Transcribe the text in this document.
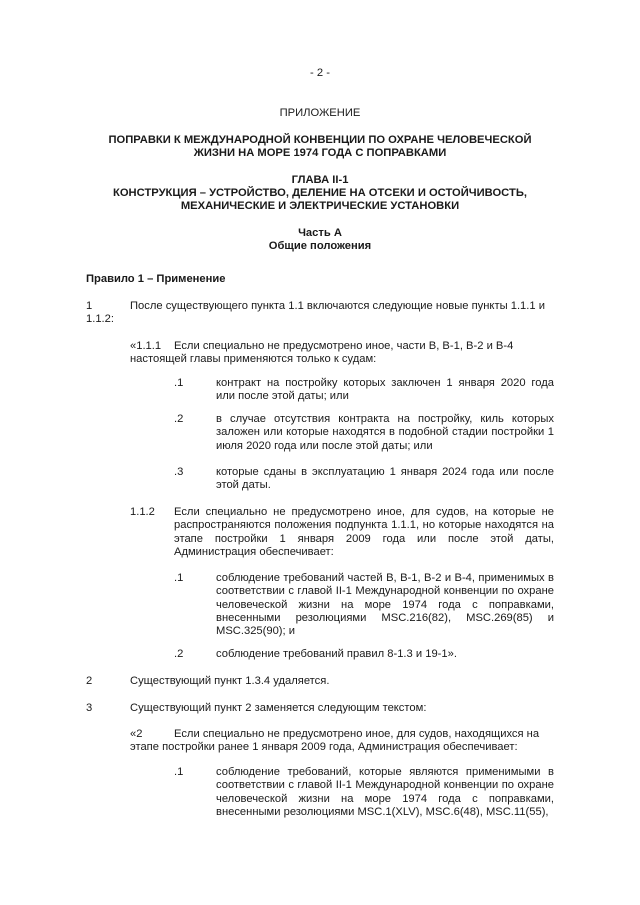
- 2 -
ПРИЛОЖЕНИЕ
ПОПРАВКИ К МЕЖДУНАРОДНОЙ КОНВЕНЦИИ ПО ОХРАНЕ ЧЕЛОВЕЧЕСКОЙ
ЖИЗНИ НА МОРЕ 1974 ГОДА С ПОПРАВКАМИ
ГЛАВА II-1
КОНСТРУКЦИЯ – УСТРОЙСТВО, ДЕЛЕНИЕ НА ОТСЕКИ И ОСТОЙЧИВОСТЬ,
МЕХАНИЧЕСКИЕ И ЭЛЕКТРИЧЕСКИЕ УСТАНОВКИ
Часть A
Общие положения
Правило 1 – Применение
1	После существующего пункта 1.1 включаются следующие новые пункты 1.1.1 и
1.1.2:
«1.1.1 Если специально не предусмотрено иное, части B, B-1, B-2 и B-4
настоящей главы применяются только к судам:
.1	контракт на постройку которых заключен 1 января 2020 года или после этой даты; или
.2	в случае отсутствия контракта на постройку, киль которых заложен или которые находятся в подобной стадии постройки 1 июля 2020 года или после этой даты; или
.3	которые сданы в эксплуатацию 1 января 2024 года или после этой даты.
1.1.2 Если специально не предусмотрено иное, для судов, на которые не распространяются положения подпункта 1.1.1, но которые находятся на этапе постройки 1 января 2009 года или после этой даты, Администрация обеспечивает:
.1	соблюдение требований частей B, B-1, B-2 и B-4, применимых в соответствии с главой II-1 Международной конвенции по охране человеческой жизни на море 1974 года с поправками, внесенными резолюциями MSC.216(82), MSC.269(85) и MSC.325(90); и
.2	соблюдение требований правил 8-1.3 и 19-1».
2	Существующий пункт 1.3.4 удаляется.
3	Существующий пункт 2 заменяется следующим текстом:
«2	Если специально не предусмотрено иное, для судов, находящихся на
этапе постройки ранее 1 января 2009 года, Администрация обеспечивает:
.1	соблюдение требований, которые являются применимыми в соответствии с главой II-1 Международной конвенции по охране человеческой жизни на море 1974 года с поправками, внесенными резолюциями MSC.1(XLV), MSC.6(48), MSC.11(55),
